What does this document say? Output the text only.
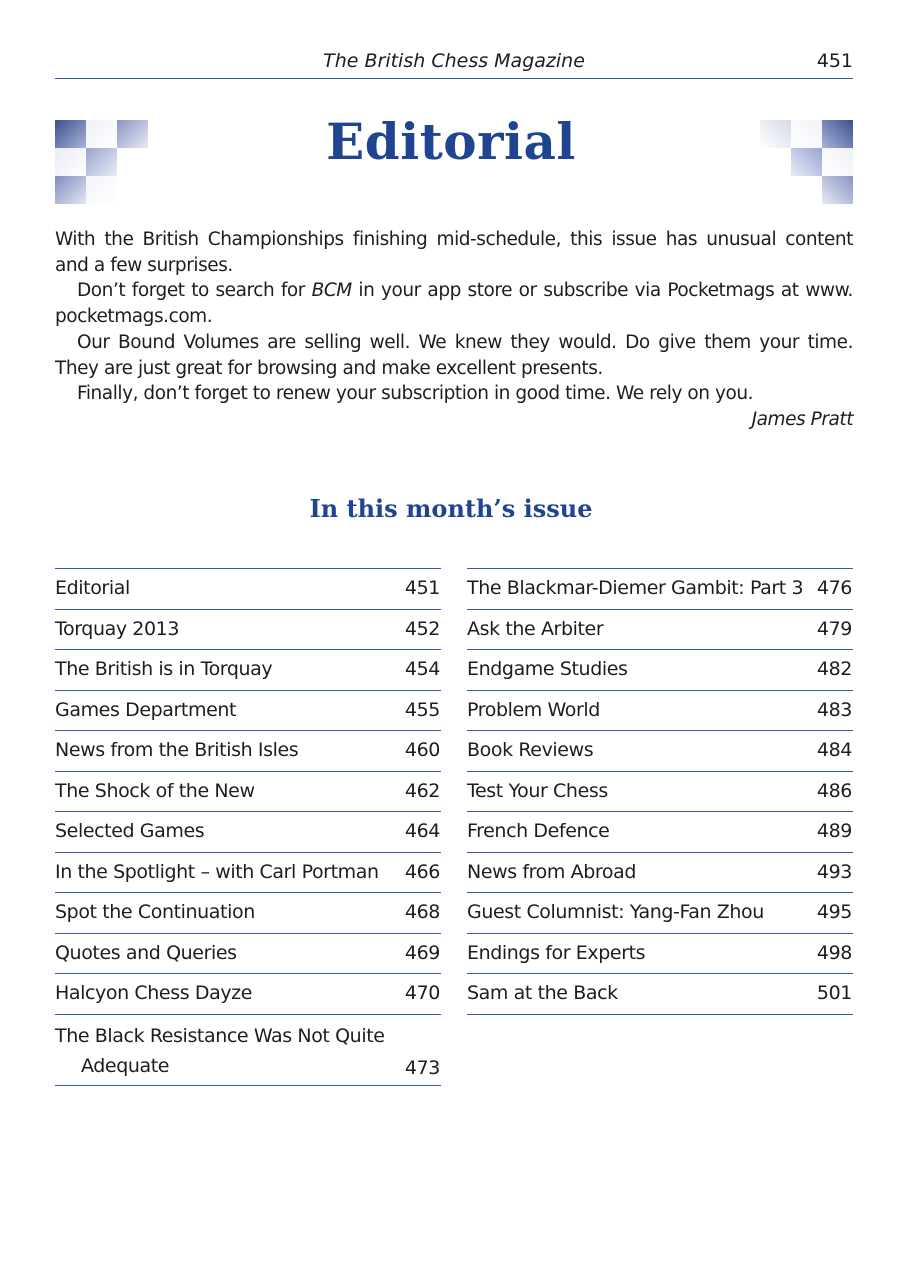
The British Chess Magazine	451
Editorial

With the British Championships finishing mid-schedule, this issue has unusual content and a few surprises.

Don’t forget to search for BCM in your app store or subscribe via Pocketmags at www. pocketmags.com.

Our Bound Volumes are selling well. We knew they would. Do give them your time. They are just great for browsing and make excellent presents.

Finally, don’t forget to renew your subscription in good time. We rely on you.

James Pratt

In this month’s issue
Editorial	451
Torquay 2013	452
The British is in Torquay	454
Games Department	455
News from the British Isles	460
The Shock of the New	462
Selected Games	464
In the Spotlight – with Carl Portman 466
Spot the Continuation	468
Quotes and Queries	469
Halcyon Chess Dayze	470
The Black Resistance Was Not Quite
Adequate	473
The Blackmar-Diemer Gambit: Part 3 476
Ask the Arbiter	479
Endgame Studies	482
Problem World	483
Book Reviews	484
Test Your Chess	486
French Defence	489
News from Abroad	493
Guest Columnist: Yang-Fan Zhou	495
Endings for Experts	498
Sam at the Back	501
